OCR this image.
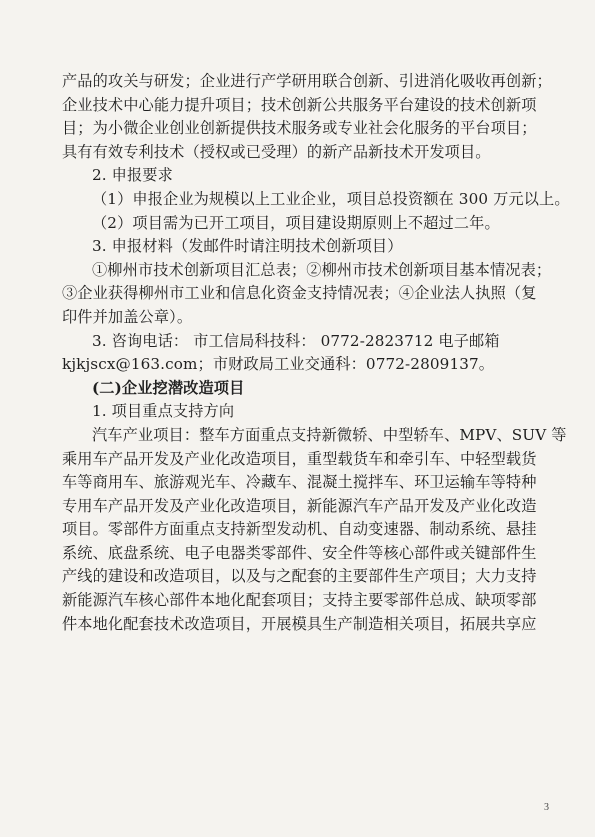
产品的攻关与研发；企业进行产学研用联合创新、引进消化吸收再创新；
企业技术中心能力提升项目；技术创新公共服务平台建设的技术创新项
目；为小微企业创业创新提供技术服务或专业社会化服务的平台项目；
具有有效专利技术（授权或已受理）的新产品新技术开发项目。
2. 申报要求
（1）申报企业为规模以上工业企业，项目总投资额在 300 万元以上。
（2）项目需为已开工项目，项目建设期原则上不超过二年。
3. 申报材料（发邮件时请注明技术创新项目）
①柳州市技术创新项目汇总表；②柳州市技术创新项目基本情况表；
③企业获得柳州市工业和信息化资金支持情况表；④企业法人执照（复
印件并加盖公章）。
3. 咨询电话： 市工信局科技科： 0772-2823712 电子邮箱
kjkjscx@163.com；市财政局工业交通科：0772-2809137。
(二)企业挖潜改造项目
1. 项目重点支持方向
汽车产业项目：整车方面重点支持新微轿、中型轿车、MPV、SUV 等
乘用车产品开发及产业化改造项目，重型载货车和牵引车、中轻型载货
车等商用车、旅游观光车、冷藏车、混凝土搅拌车、环卫运输车等特种
专用车产品开发及产业化改造项目，新能源汽车产品开发及产业化改造
项目。零部件方面重点支持新型发动机、自动变速器、制动系统、悬挂
系统、底盘系统、电子电器类零部件、安全件等核心部件或关键部件生
产线的建设和改造项目，以及与之配套的主要部件生产项目；大力支持
新能源汽车核心部件本地化配套项目；支持主要零部件总成、缺项零部
件本地化配套技术改造项目，开展模具生产制造相关项目，拓展共享应
3
